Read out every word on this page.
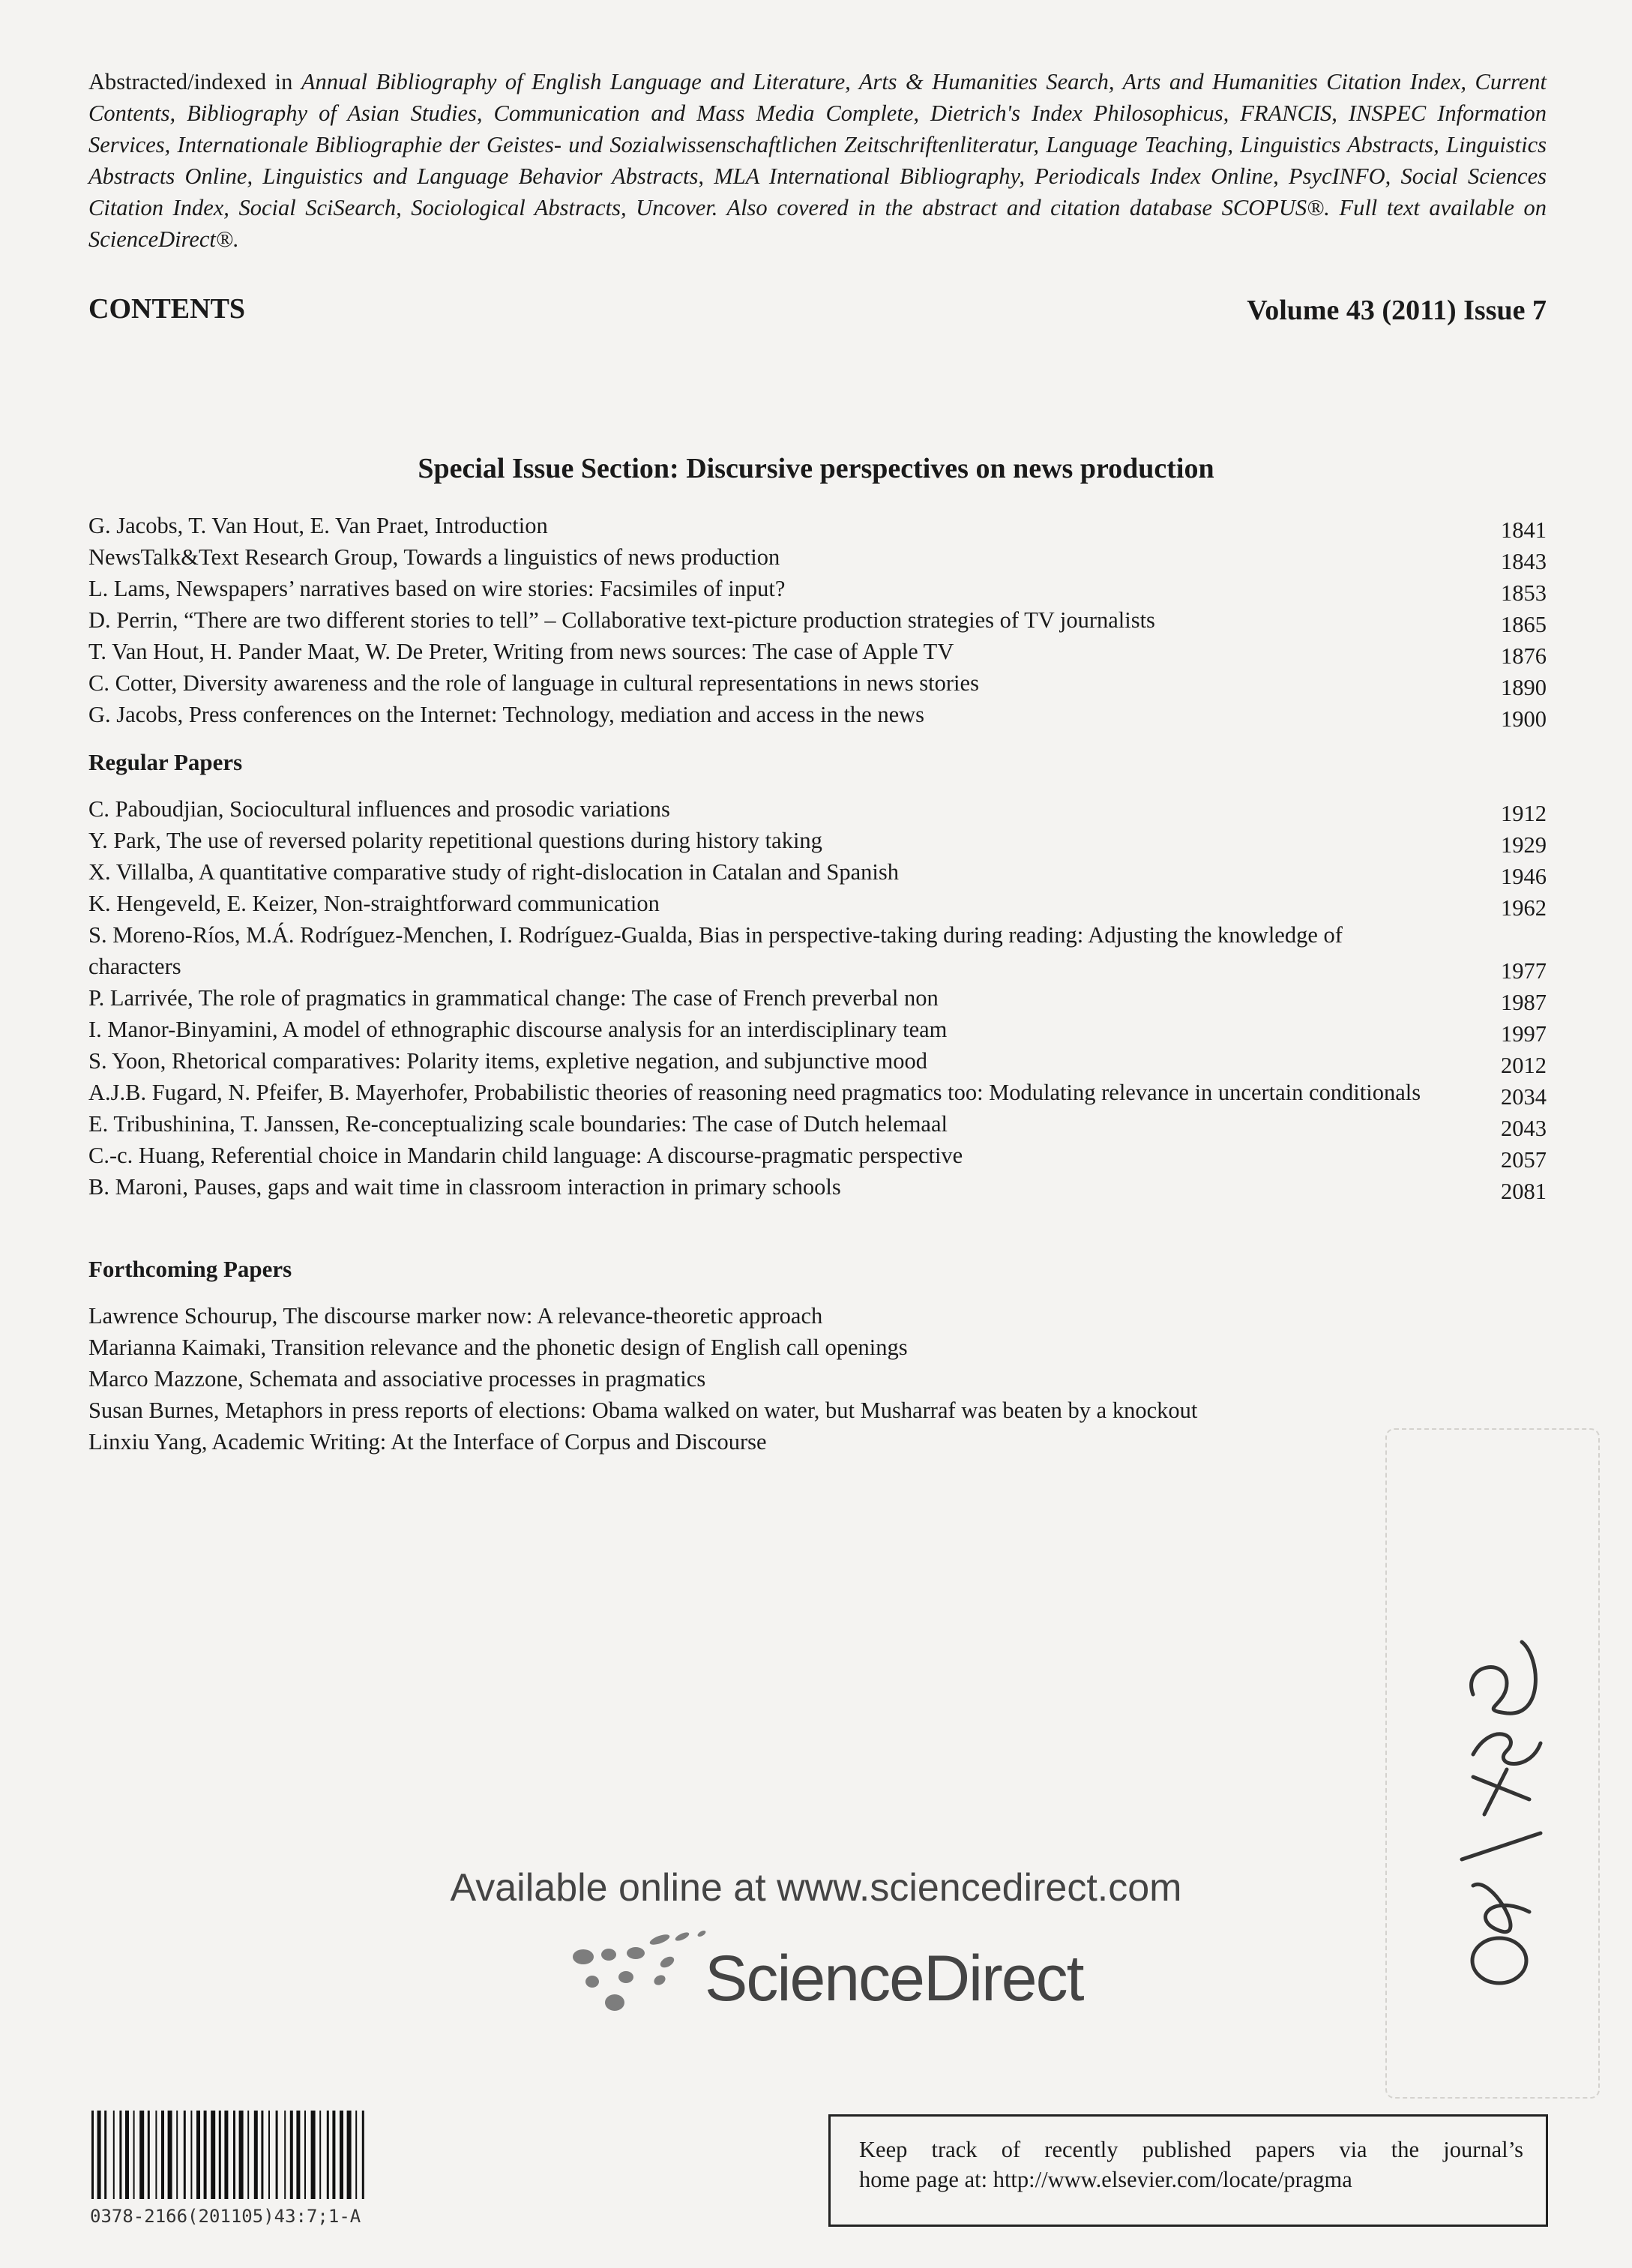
Abstracted/indexed in Annual Bibliography of English Language and Literature, Arts & Humanities Search, Arts and Humanities Citation Index, Current Contents, Bibliography of Asian Studies, Communication and Mass Media Complete, Dietrich's Index Philosophicus, FRANCIS, INSPEC Information Services, Internationale Bibliographie der Geistes- und Sozialwissenschaftlichen Zeitschriftenliteratur, Language Teaching, Linguistics Abstracts, Linguistics Abstracts Online, Linguistics and Language Behavior Abstracts, MLA International Bibliography, Periodicals Index Online, PsycINFO, Social Sciences Citation Index, Social SciSearch, Sociological Abstracts, Uncover. Also covered in the abstract and citation database SCOPUS®. Full text available on ScienceDirect®.
CONTENTS	Volume 43 (2011) Issue 7
Special Issue Section: Discursive perspectives on news production
G. Jacobs, T. Van Hout, E. Van Praet, Introduction	1841
NewsTalk&Text Research Group, Towards a linguistics of news production	1843
L. Lams, Newspapers’ narratives based on wire stories: Facsimiles of input?	1853
D. Perrin, “There are two different stories to tell” – Collaborative text-picture production strategies of TV journalists	1865
T. Van Hout, H. Pander Maat, W. De Preter, Writing from news sources: The case of Apple TV	1876
C. Cotter, Diversity awareness and the role of language in cultural representations in news stories	1890
G. Jacobs, Press conferences on the Internet: Technology, mediation and access in the news	1900
Regular Papers
C. Paboudjian, Sociocultural influences and prosodic variations	1912
Y. Park, The use of reversed polarity repetitional questions during history taking	1929
X. Villalba, A quantitative comparative study of right-dislocation in Catalan and Spanish	1946
K. Hengeveld, E. Keizer, Non-straightforward communication	1962
S. Moreno-Ríos, M.Á. Rodríguez-Menchen, I. Rodríguez-Gualda, Bias in perspective-taking during reading: Adjusting the knowledge of characters	1977
P. Larrivée, The role of pragmatics in grammatical change: The case of French preverbal non	1987
I. Manor-Binyamini, A model of ethnographic discourse analysis for an interdisciplinary team	1997
S. Yoon, Rhetorical comparatives: Polarity items, expletive negation, and subjunctive mood	2012
A.J.B. Fugard, N. Pfeifer, B. Mayerhofer, Probabilistic theories of reasoning need pragmatics too: Modulating relevance in uncertain conditionals	2034
E. Tribushinina, T. Janssen, Re-conceptualizing scale boundaries: The case of Dutch helemaal	2043
C.-c. Huang, Referential choice in Mandarin child language: A discourse-pragmatic perspective	2057
B. Maroni, Pauses, gaps and wait time in classroom interaction in primary schools	2081
Forthcoming Papers
Lawrence Schourup, The discourse marker now: A relevance-theoretic approach
Marianna Kaimaki, Transition relevance and the phonetic design of English call openings
Marco Mazzone, Schemata and associative processes in pragmatics
Susan Burnes, Metaphors in press reports of elections: Obama walked on water, but Musharraf was beaten by a knockout
Linxiu Yang, Academic Writing: At the Interface of Corpus and Discourse
Available online at www.sciencedirect.com
ScienceDirect
0378-2166(201105)43:7;1-A
Keep track of recently published papers via the journal’s
home page at: http://www.elsevier.com/locate/pragma
